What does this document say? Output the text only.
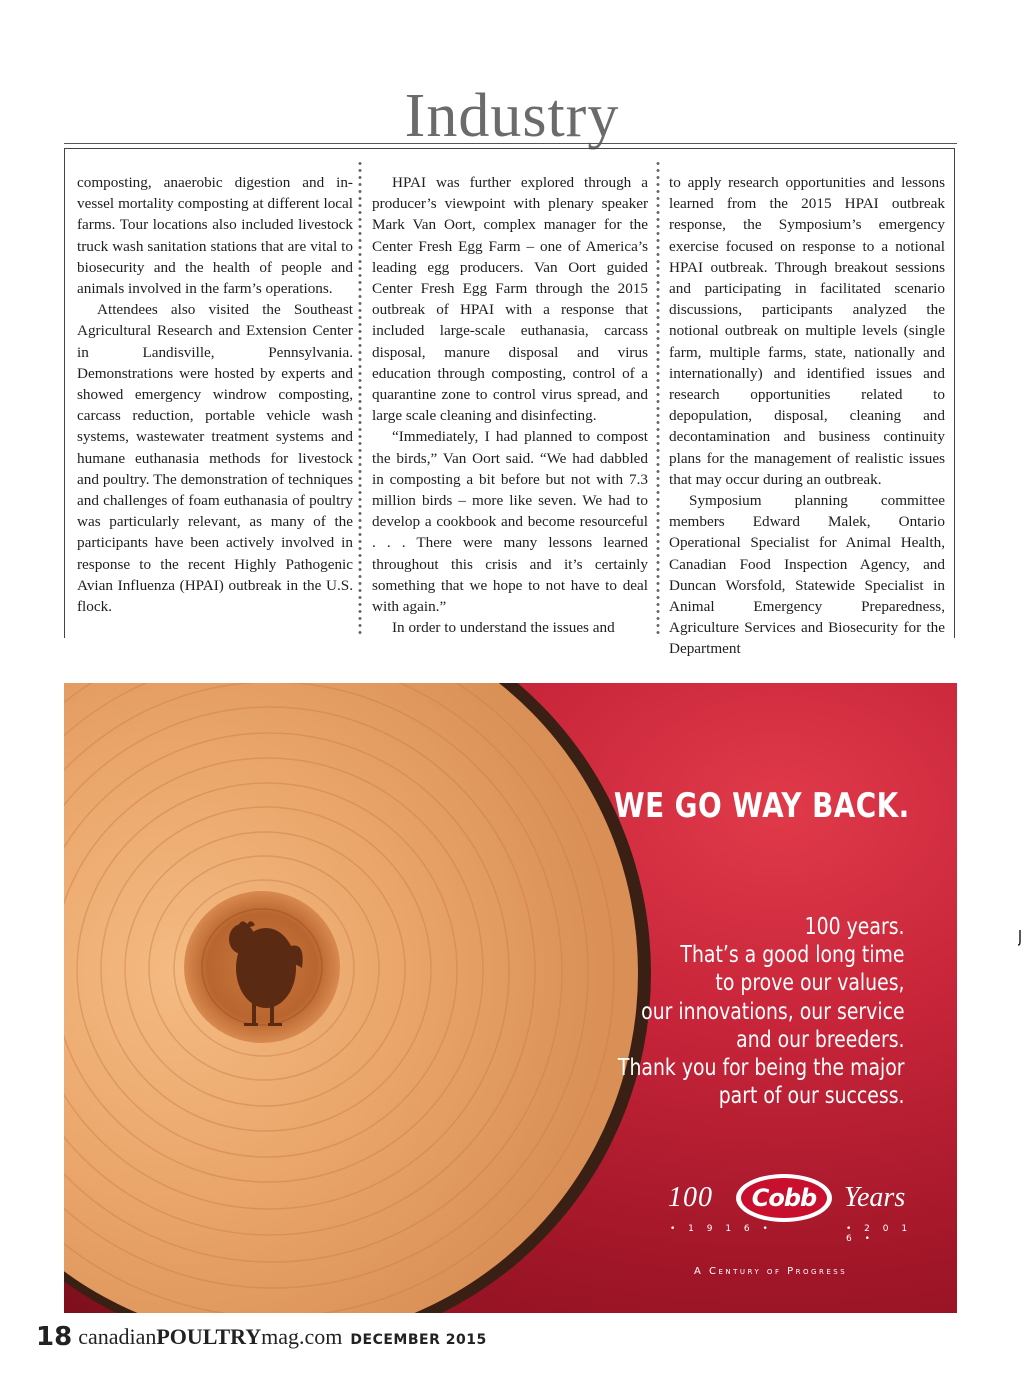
Industry

composting, anaerobic digestion and in-vessel mortality composting at different local farms. Tour locations also included livestock truck wash sanitation stations that are vital to biosecurity and the health of people and animals involved in the farm’s operations.

Attendees also visited the Southeast Agricultural Research and Extension Center in Landisville, Pennsylvania. Demonstrations were hosted by experts and showed emergency windrow composting, carcass reduction, portable vehicle wash systems, wastewater treatment systems and humane euthanasia methods for livestock and poultry. The demonstration of techniques and challenges of foam euthanasia of poultry was particularly relevant, as many of the participants have been actively involved in response to the recent Highly Pathogenic Avian Influenza (HPAI) outbreak in the U.S. flock.

HPAI was further explored through a producer’s viewpoint with plenary speaker Mark Van Oort, complex manager for the Center Fresh Egg Farm – one of America’s leading egg producers. Van Oort guided Center Fresh Egg Farm through the 2015 outbreak of HPAI with a response that included large-scale euthanasia, carcass disposal, manure disposal and virus education through composting, control of a quarantine zone to control virus spread, and large scale cleaning and disinfecting.

“Immediately, I had planned to compost the birds,” Van Oort said. “We had dabbled in composting a bit before but not with 7.3 million birds – more like seven. We had to develop a cookbook and become resourceful . . . There were many lessons learned throughout this crisis and it’s certainly something that we hope to not have to deal with again.”

In order to understand the issues and

to apply research opportunities and lessons learned from the 2015 HPAI outbreak response, the Symposium’s emergency exercise focused on response to a notional HPAI outbreak. Through breakout sessions and participating in facilitated scenario discussions, participants analyzed the notional outbreak on multiple levels (single farm, multiple farms, state, nationally and internationally) and identified issues and research opportunities related to depopulation, disposal, cleaning and decontamination and business continuity plans for the management of realistic issues that may occur during an outbreak.

Symposium planning committee members Edward Malek, Ontario Operational Specialist for Animal Health, Canadian Food Inspection Agency, and Duncan Worsfold, Statewide Specialist in Animal Emergency Preparedness, Agriculture Services and Biosecurity for the Department

WE GO WAY BACK.
100 years.
That’s a good long time
to prove our values,
our innovations, our service
and our breeders.
Thank you for being the major
part of our success.
100	Cobb Years
• 1 9 1 6 •	• 2 0 1 6 •
A Century of Progress
18 canadianPOULTRYmag.com DECEMBER 2015
